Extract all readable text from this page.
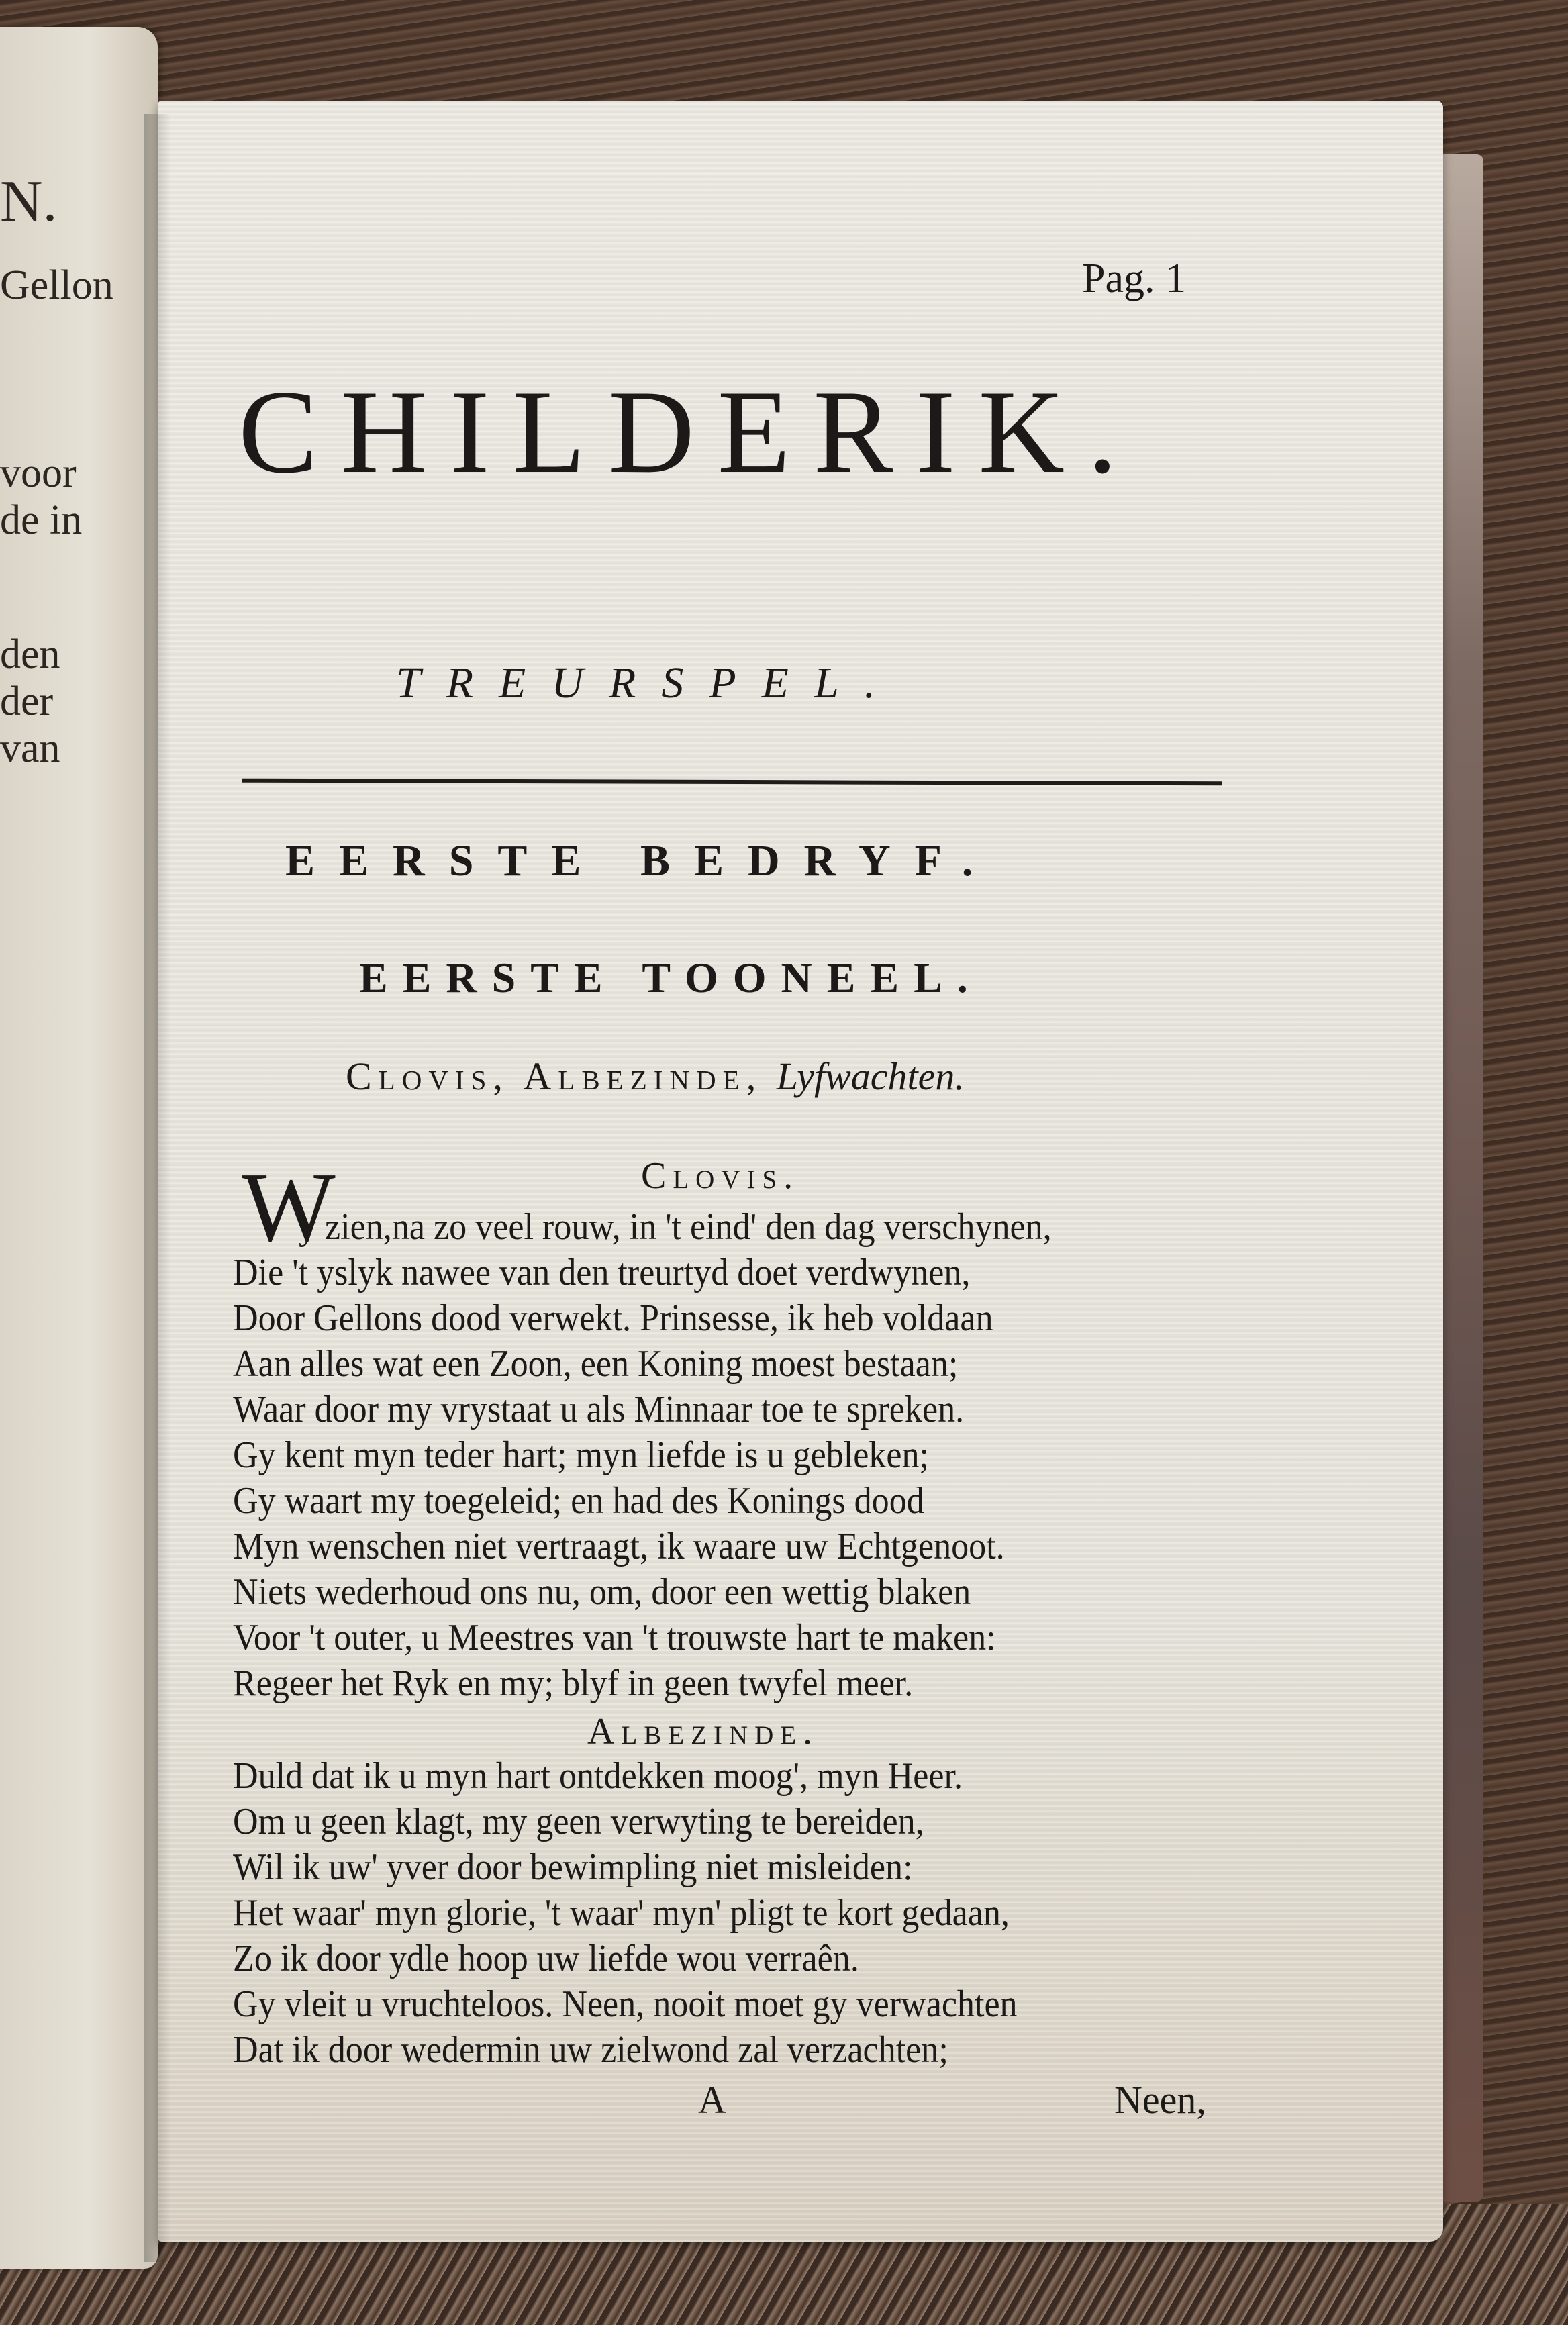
N.
Gellon
voor
de in
den
der
van
Pag. 1
CHILDERIK.
TREURSPEL.
EERSTE BEDRYF.
EERSTE TOONEEL.
Clovis, Albezinde, Lyfwachten.
Clovis.
W
y zien,na zo veel rouw, in 't eind' den dag verschynen,
Die 't yslyk nawee van den treurtyd doet verdwynen,
Door Gellons dood verwekt. Prinsesse, ik heb voldaan
Aan alles wat een Zoon, een Koning moest bestaan;
Waar door my vrystaat u als Minnaar toe te spreken.
Gy kent myn teder hart; myn liefde is u gebleken;
Gy waart my toegeleid; en had des Konings dood
Myn wenschen niet vertraagt, ik waare uw Echtgenoot.
Niets wederhoud ons nu, om, door een wettig blaken
Voor 't outer, u Meestres van 't trouwste hart te maken:
Regeer het Ryk en my; blyf in geen twyfel meer.
Albezinde.
Duld dat ik u myn hart ontdekken moog', myn Heer.
Om u geen klagt, my geen verwyting te bereiden,
Wil ik uw' yver door bewimpling niet misleiden:
Het waar' myn glorie, 't waar' myn' pligt te kort gedaan,
Zo ik door ydle hoop uw liefde wou verraên.
Gy vleit u vruchteloos. Neen, nooit moet gy verwachten
Dat ik door wedermin uw zielwond zal verzachten;
A	Neen,
